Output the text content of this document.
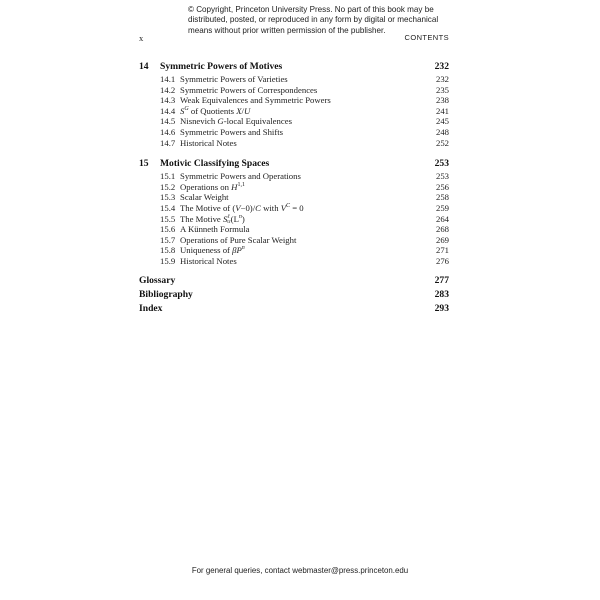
© Copyright, Princeton University Press. No part of this book may be
distributed, posted, or reproduced in any form by digital or mechanical
means without prior written permission of the publisher.
x	CONTENTS
14 Symmetric Powers of Motives	232
14.1 Symmetric Powers of Varieties	232
14.2 Symmetric Powers of Correspondences	235
14.3 Weak Equivalences and Symmetric Powers	238
14.4 $S^G$ of Quotients X/U	241
14.5 Nisnevich G-local Equivalences	245
14.6 Symmetric Powers and Shifts	248
14.7 Historical Notes	252
15 Motivic Classifying Spaces	253
15.1 Symmetric Powers and Operations	253
15.2 Operations on H$^{1,1}$	256
15.3 Scalar Weight	258
15.4 The Motive of (V−0)/C with $V^C = 0$	259
15.5 The Motive Sℓ
$tr(L^n)$	264
15.6 A Künneth Formula	268
15.7 Operations of Pure Scalar Weight	269
15.8 Uniqueness of $\beta P^n$	271
15.9 Historical Notes	276
Glossary	277
Bibliography	283
Index	293
For general queries, contact webmaster@press.princeton.edu
